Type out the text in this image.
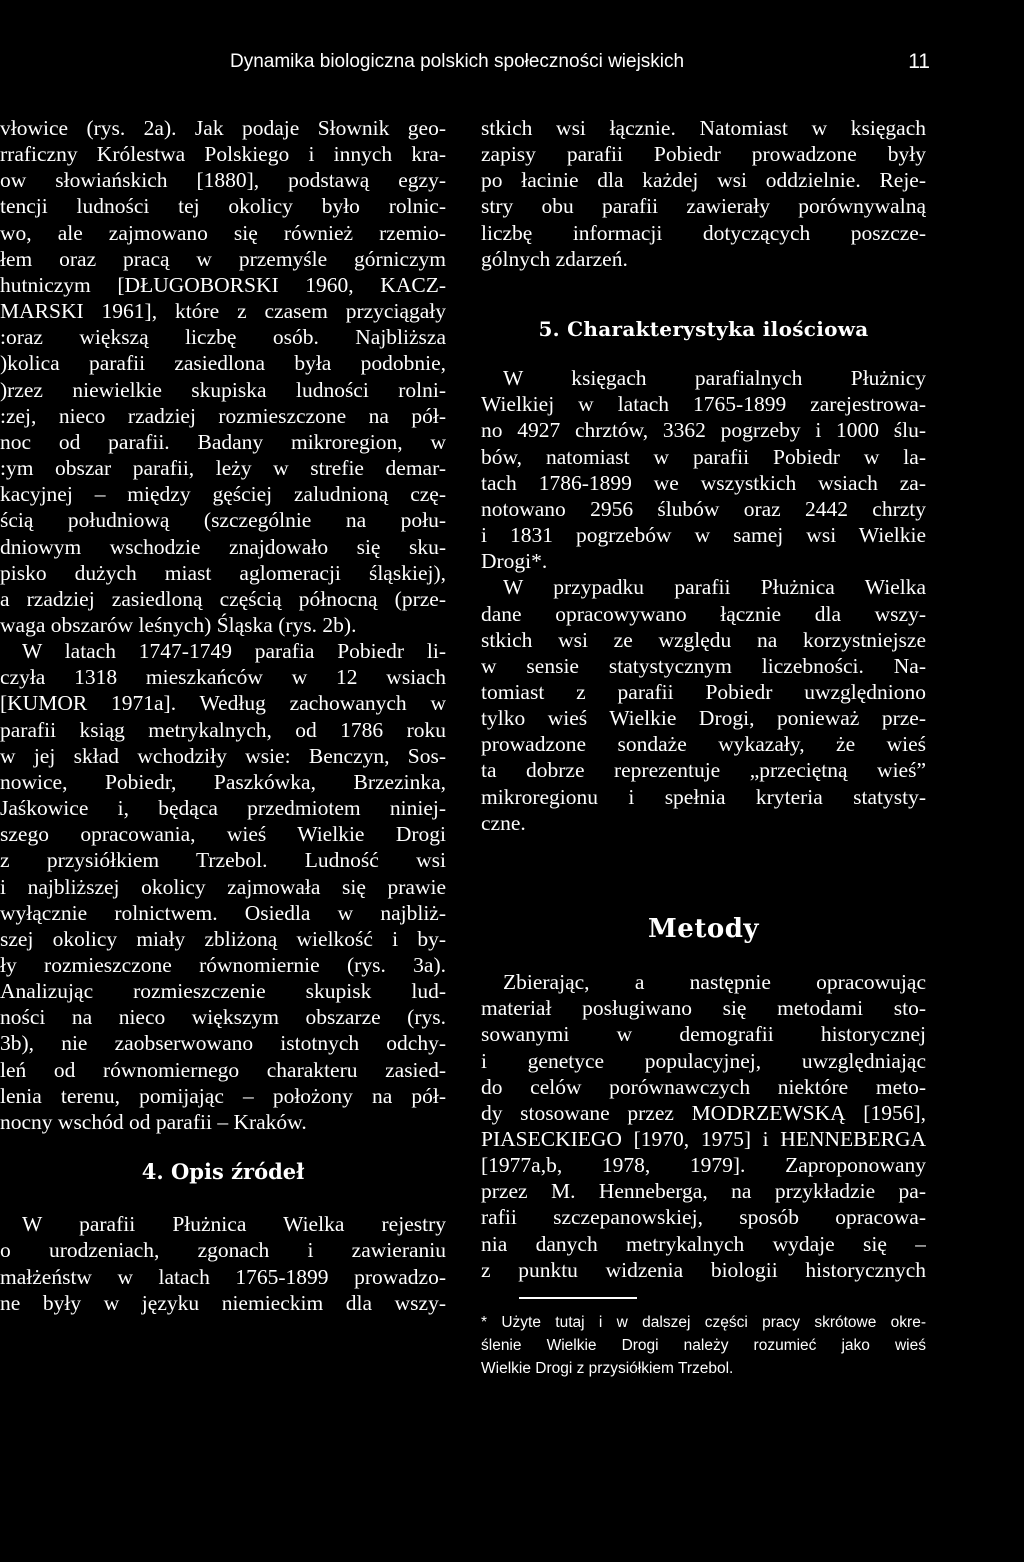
Dynamika biologiczna polskich społeczności wiejskich	11
vłowice (rys. 2a). Jak podaje Słownik geo-
rraficzny Królestwa Polskiego i innych kra-
ow słowiańskich [1880], podstawą egzy-
tencji ludności tej okolicy było rolnic-
wo, ale zajmowano się również rzemio-
łem oraz pracą w przemyśle górniczym
hutniczym [DŁUGOBORSKI 1960, KACZ-
MARSKI 1961], które z czasem przyciągały
:oraz większą liczbę osób. Najbliższa
)kolica parafii zasiedlona była podobnie,
)rzez niewielkie skupiska ludności rolni-
:zej, nieco rzadziej rozmieszczone na pół-
noc od parafii. Badany mikroregion, w
:ym obszar parafii, leży w strefie demar-
kacyjnej – między gęściej zaludnioną czę-
ścią południową (szczególnie na połu-
dniowym wschodzie znajdowało się sku-
pisko dużych miast aglomeracji śląskiej),
a rzadziej zasiedloną częścią północną (prze-
waga obszarów leśnych) Śląska (rys. 2b).
W latach 1747-1749 parafia Pobiedr li-
czyła 1318 mieszkańców w 12 wsiach
[KUMOR 1971a]. Według zachowanych w
parafii ksiąg metrykalnych, od 1786 roku
w jej skład wchodziły wsie: Benczyn, Sos-
nowice, Pobiedr, Paszkówka, Brzezinka,
Jaśkowice i, będąca przedmiotem niniej-
szego opracowania, wieś Wielkie Drogi
z przysiółkiem Trzebol. Ludność wsi
i najbliższej okolicy zajmowała się prawie
wyłącznie rolnictwem. Osiedla w najbliż-
szej okolicy miały zbliżoną wielkość i by-
ły rozmieszczone równomiernie (rys. 3a).
Analizując rozmieszczenie skupisk lud-
ności na nieco większym obszarze (rys.
3b), nie zaobserwowano istotnych odchy-
leń od równomiernego charakteru zasied-
lenia terenu, pomijając – położony na pół-
nocny wschód od parafii – Kraków.
4. Opis źródeł
W parafii Płużnica Wielka rejestry
o urodzeniach, zgonach i zawieraniu
małżeństw w latach 1765-1899 prowadzo-
ne były w języku niemieckim dla wszy-
stkich wsi łącznie. Natomiast w księgach
zapisy parafii Pobiedr prowadzone były
po łacinie dla każdej wsi oddzielnie. Reje-
stry obu parafii zawierały porównywalną
liczbę informacji dotyczących poszcze-
gólnych zdarzeń.
5. Charakterystyka ilościowa
W księgach parafialnych Płużnicy
Wielkiej w latach 1765-1899 zarejestrowa-
no 4927 chrztów, 3362 pogrzeby i 1000 ślu-
bów, natomiast w parafii Pobiedr w la-
tach 1786-1899 we wszystkich wsiach za-
notowano 2956 ślubów oraz 2442 chrzty
i 1831 pogrzebów w samej wsi Wielkie
Drogi*.
W przypadku parafii Płużnica Wielka
dane opracowywano łącznie dla wszy-
stkich wsi ze względu na korzystniejsze
w sensie statystycznym liczebności. Na-
tomiast z parafii Pobiedr uwzględniono
tylko wieś Wielkie Drogi, ponieważ prze-
prowadzone sondaże wykazały, że wieś
ta dobrze reprezentuje „przeciętną wieś”
mikroregionu i spełnia kryteria statysty-
czne.
Metody
Zbierając, a następnie opracowując
materiał posługiwano się metodami sto-
sowanymi w demografii historycznej
i genetyce populacyjnej, uwzględniając
do celów porównawczych niektóre meto-
dy stosowane przez MODRZEWSKĄ [1956],
PIASECKIEGO [1970, 1975] i HENNEBERGA
[1977a,b, 1978, 1979]. Zaproponowany
przez M. Henneberga, na przykładzie pa-
rafii szczepanowskiej, sposób opracowa-
nia danych metrykalnych wydaje się –
z punktu widzenia biologii historycznych
* Użyte tutaj i w dalszej części pracy skrótowe okre-
ślenie Wielkie Drogi należy rozumieć jako wieś
Wielkie Drogi z przysiółkiem Trzebol.
